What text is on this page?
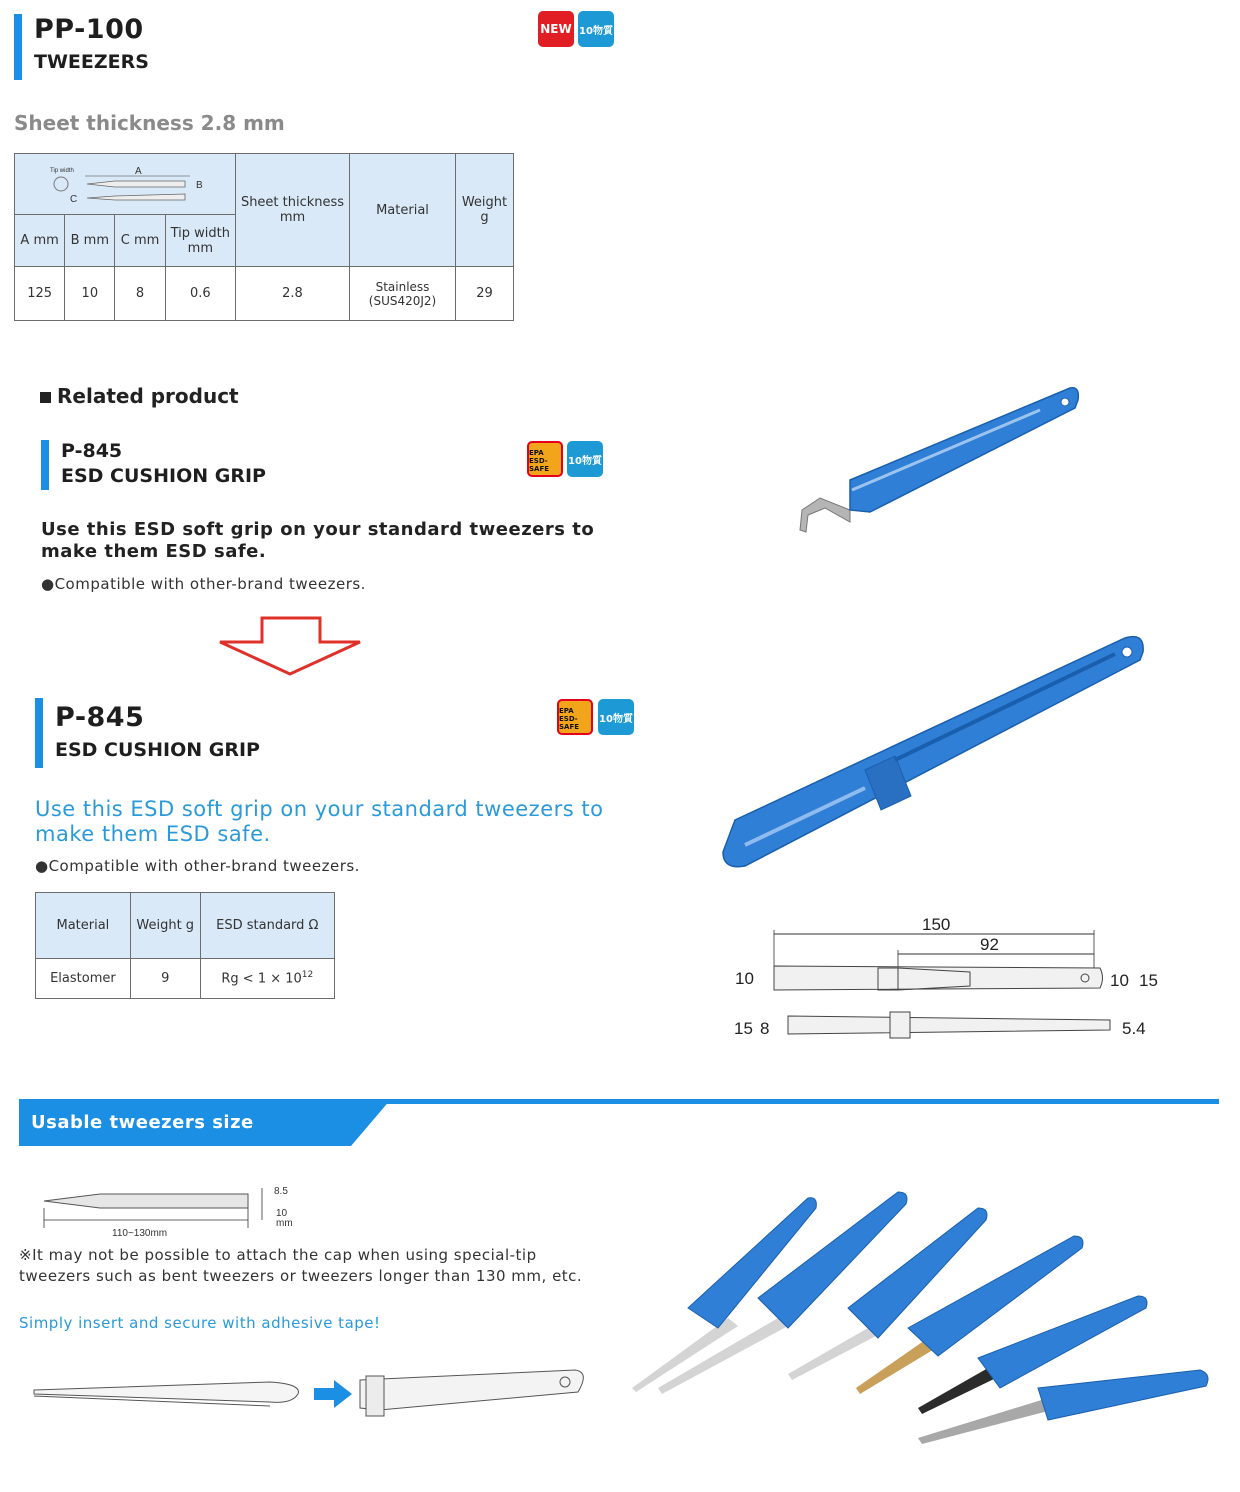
PP-100
TWEEZERS
NEW 10物質
Sheet thickness 2.8 mm
Tip width A
B
C				Sheet thickness mm	Material	Weight g
A mm	B mm	C mm	Tip width mm			
125	10	8	0.6	2.8	Stainless (SUS420J2)	29
Related product
P-845
ESD CUSHION GRIP
EPA ESD-SAFE
10物質
Use this ESD soft grip on your standard tweezers to make them ESD safe.
●Compatible with other-brand tweezers.
P-845
ESD CUSHION GRIP
EPA ESD-SAFE
10物質
Use this ESD soft grip on your standard tweezers to make them ESD safe.
●Compatible with other-brand tweezers.
Material	Weight g	ESD standard Ω
Elastomer	9	$Rg < 1 \times 10^{12}$
150
92
10	10 15
15 8	5.4
Usable tweezers size
110~130mm
8.5
10
mm
※It may not be possible to attach the cap when using special-tip tweezers such as bent tweezers or tweezers longer than 130 mm, etc.
Simply insert and secure with adhesive tape!
